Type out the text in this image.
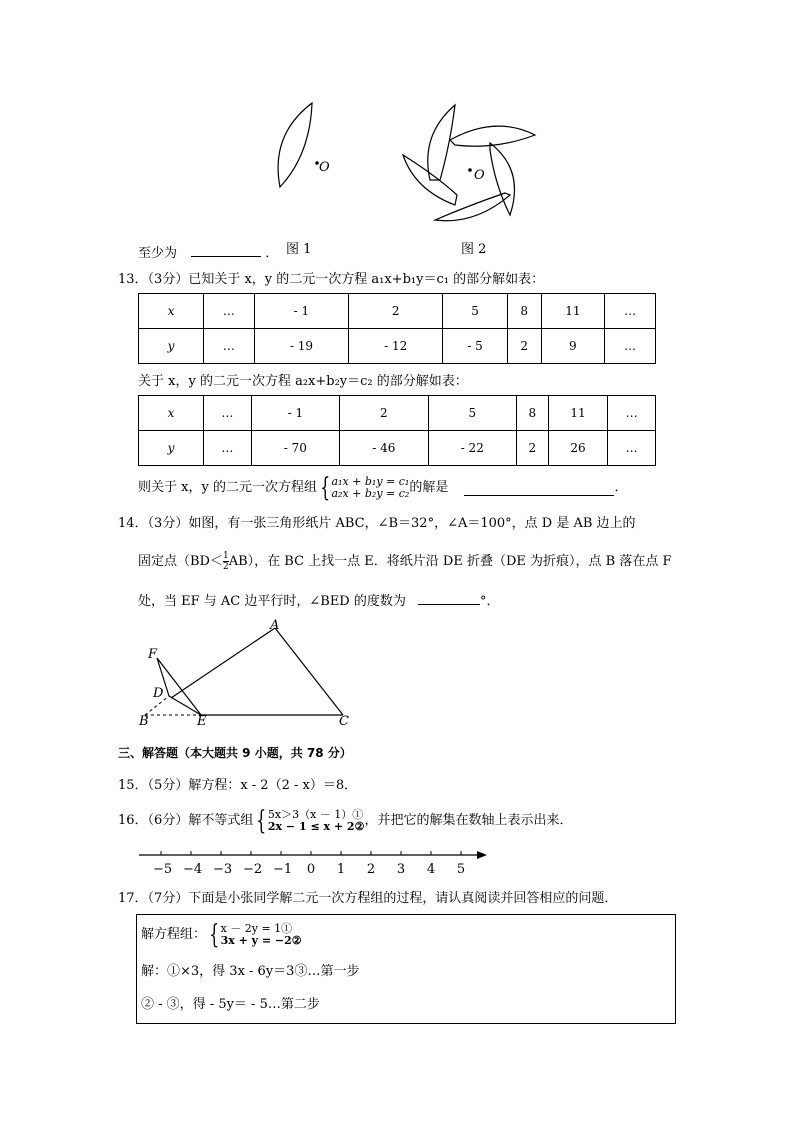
O
O
至少为	． 图 1	图 2
13．（3分）已知关于 x，y 的二元一次方程 a₁x+b₁y＝c₁ 的部分解如表：
x	…	- 1	2	5	8	11	…
y	…	- 19	- 12	- 5	2	9	…
关于 x，y 的二元一次方程 a₂x+b₂y＝c₂ 的部分解如表：
x	…	- 1	2	5	8	11	…
y	…	- 70	- 46	- 22	2	26	…
则关于 x，y 的二元一次方程组 { a₁x + b₁y = c₁
a₂x + b₂y = c₂ 的解是	．
14．（3分）如图，有一张三角形纸片 ABC，∠B＝32°，∠A＝100°，点 D 是 AB 边上的
固定点$(BD< \frac{1}{2} AB)$，在 BC 上找一点 E．将纸片沿 DE 折叠（DE 为折痕），点 B 落在点 F
处，当 EF 与 AC 边平行时，∠BED 的度数为	°．
A
F
D
B	E	C
三、解答题（本大题共 9 小题，共 78 分）
15．（5分）解方程：x - 2（2 - x）＝8．
16．（6分）解不等式组 { 5x＞3（x － 1）①
2x − 1 ≤ x + 2② ，并把它的解集在数轴上表示出来．
−5 −4 −3 −2 −1 0 1 2 3 4 5
17．（7分）下面是小张同学解二元一次方程组的过程，请认真阅读并回答相应的问题．
解方程组： { x － 2y = 1①
3x + y = −2②
解：①×3，得 3x - 6y＝3③…第一步
② - ③，得 - 5y＝ - 5…第二步
